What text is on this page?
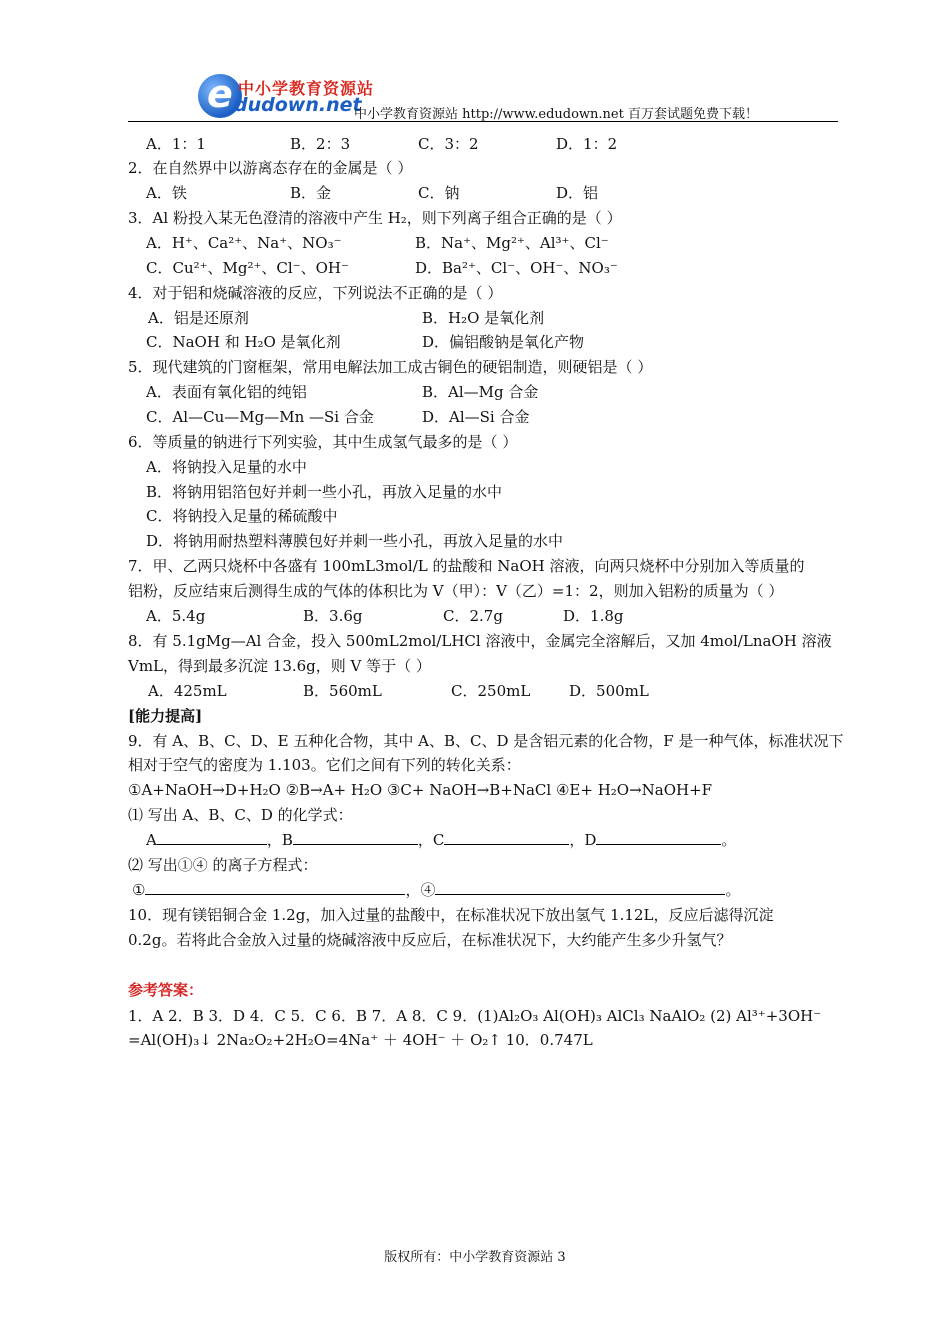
e 中小学教育资源站
dudown.net
中小学教育资源站 http://www.edudown.net 百万套试题免费下载！
A．1：1	B．2：3	C．3：2	D．1：2
2．在自然界中以游离态存在的金属是（ ）
A．铁	B．金	C．钠	D．铝
3．Al 粉投入某无色澄清的溶液中产生 H₂，则下列离子组合正确的是（ ）
A．H⁺、Ca²⁺、Na⁺、NO₃⁻	B．Na⁺、Mg²⁺、Al³⁺、Cl⁻
C．Cu²⁺、Mg²⁺、Cl⁻、OH⁻	D．Ba²⁺、Cl⁻、OH⁻、NO₃⁻
4．对于铝和烧碱溶液的反应，下列说法不正确的是（ ）
A．铝是还原剂	B．H₂O 是氧化剂
C．NaOH 和 H₂O 是氧化剂	D．偏铝酸钠是氧化产物
5．现代建筑的门窗框架，常用电解法加工成古铜色的硬铝制造，则硬铝是（ ）
A．表面有氧化铝的纯铝	B．Al—Mg 合金
C．Al—Cu—Mg—Mn —Si 合金	D．Al—Si 合金
6．等质量的钠进行下列实验，其中生成氢气最多的是（ ）
A．将钠投入足量的水中
B．将钠用铝箔包好并刺一些小孔，再放入足量的水中
C．将钠投入足量的稀硫酸中
D．将钠用耐热塑料薄膜包好并刺一些小孔，再放入足量的水中
7．甲、乙两只烧杯中各盛有 100mL3mol/L 的盐酸和 NaOH 溶液，向两只烧杯中分别加入等质量的
铝粉，反应结束后测得生成的气体的体积比为 V（甲）：V（乙）=1：2，则加入铝粉的质量为（ ）
A．5.4g	B．3.6g	C．2.7g	D．1.8g
8．有 5.1gMg—Al 合金，投入 500mL2mol/LHCl 溶液中，金属完全溶解后，又加 4mol/LnaOH 溶液
VmL，得到最多沉淀 13.6g，则 V 等于（ ）
A．425mL	B．560mL	C．250mL	D．500mL
[能力提高]
9．有 A、B、C、D、E 五种化合物，其中 A、B、C、D 是含铝元素的化合物，F 是一种气体，标准状况下
相对于空气的密度为 1.103。它们之间有下列的转化关系：
①A+NaOH→D+H₂O ②B→A+ H₂O ③C+ NaOH→B+NaCl ④E+ H₂O→NaOH+F
⑴ 写出 A、B、C、D 的化学式：
A	，B	，C	，D	。
⑵ 写出①④ 的离子方程式：
①	，④	。
10．现有镁铝铜合金 1.2g，加入过量的盐酸中，在标准状况下放出氢气 1.12L，反应后滤得沉淀
0.2g。若将此合金放入过量的烧碱溶液中反应后，在标准状况下，大约能产生多少升氢气？
参考答案：
1．A 2．B 3．D 4．C 5．C 6．B 7．A 8．C 9．(1)Al₂O₃ Al(OH)₃ AlCl₃ NaAlO₂ (2) Al³⁺+3OH⁻
=Al(OH)₃↓ 2Na₂O₂+2H₂O=4Na⁺ ＋ 4OH⁻ ＋ O₂↑ 10．0.747L
版权所有：中小学教育资源站 3
